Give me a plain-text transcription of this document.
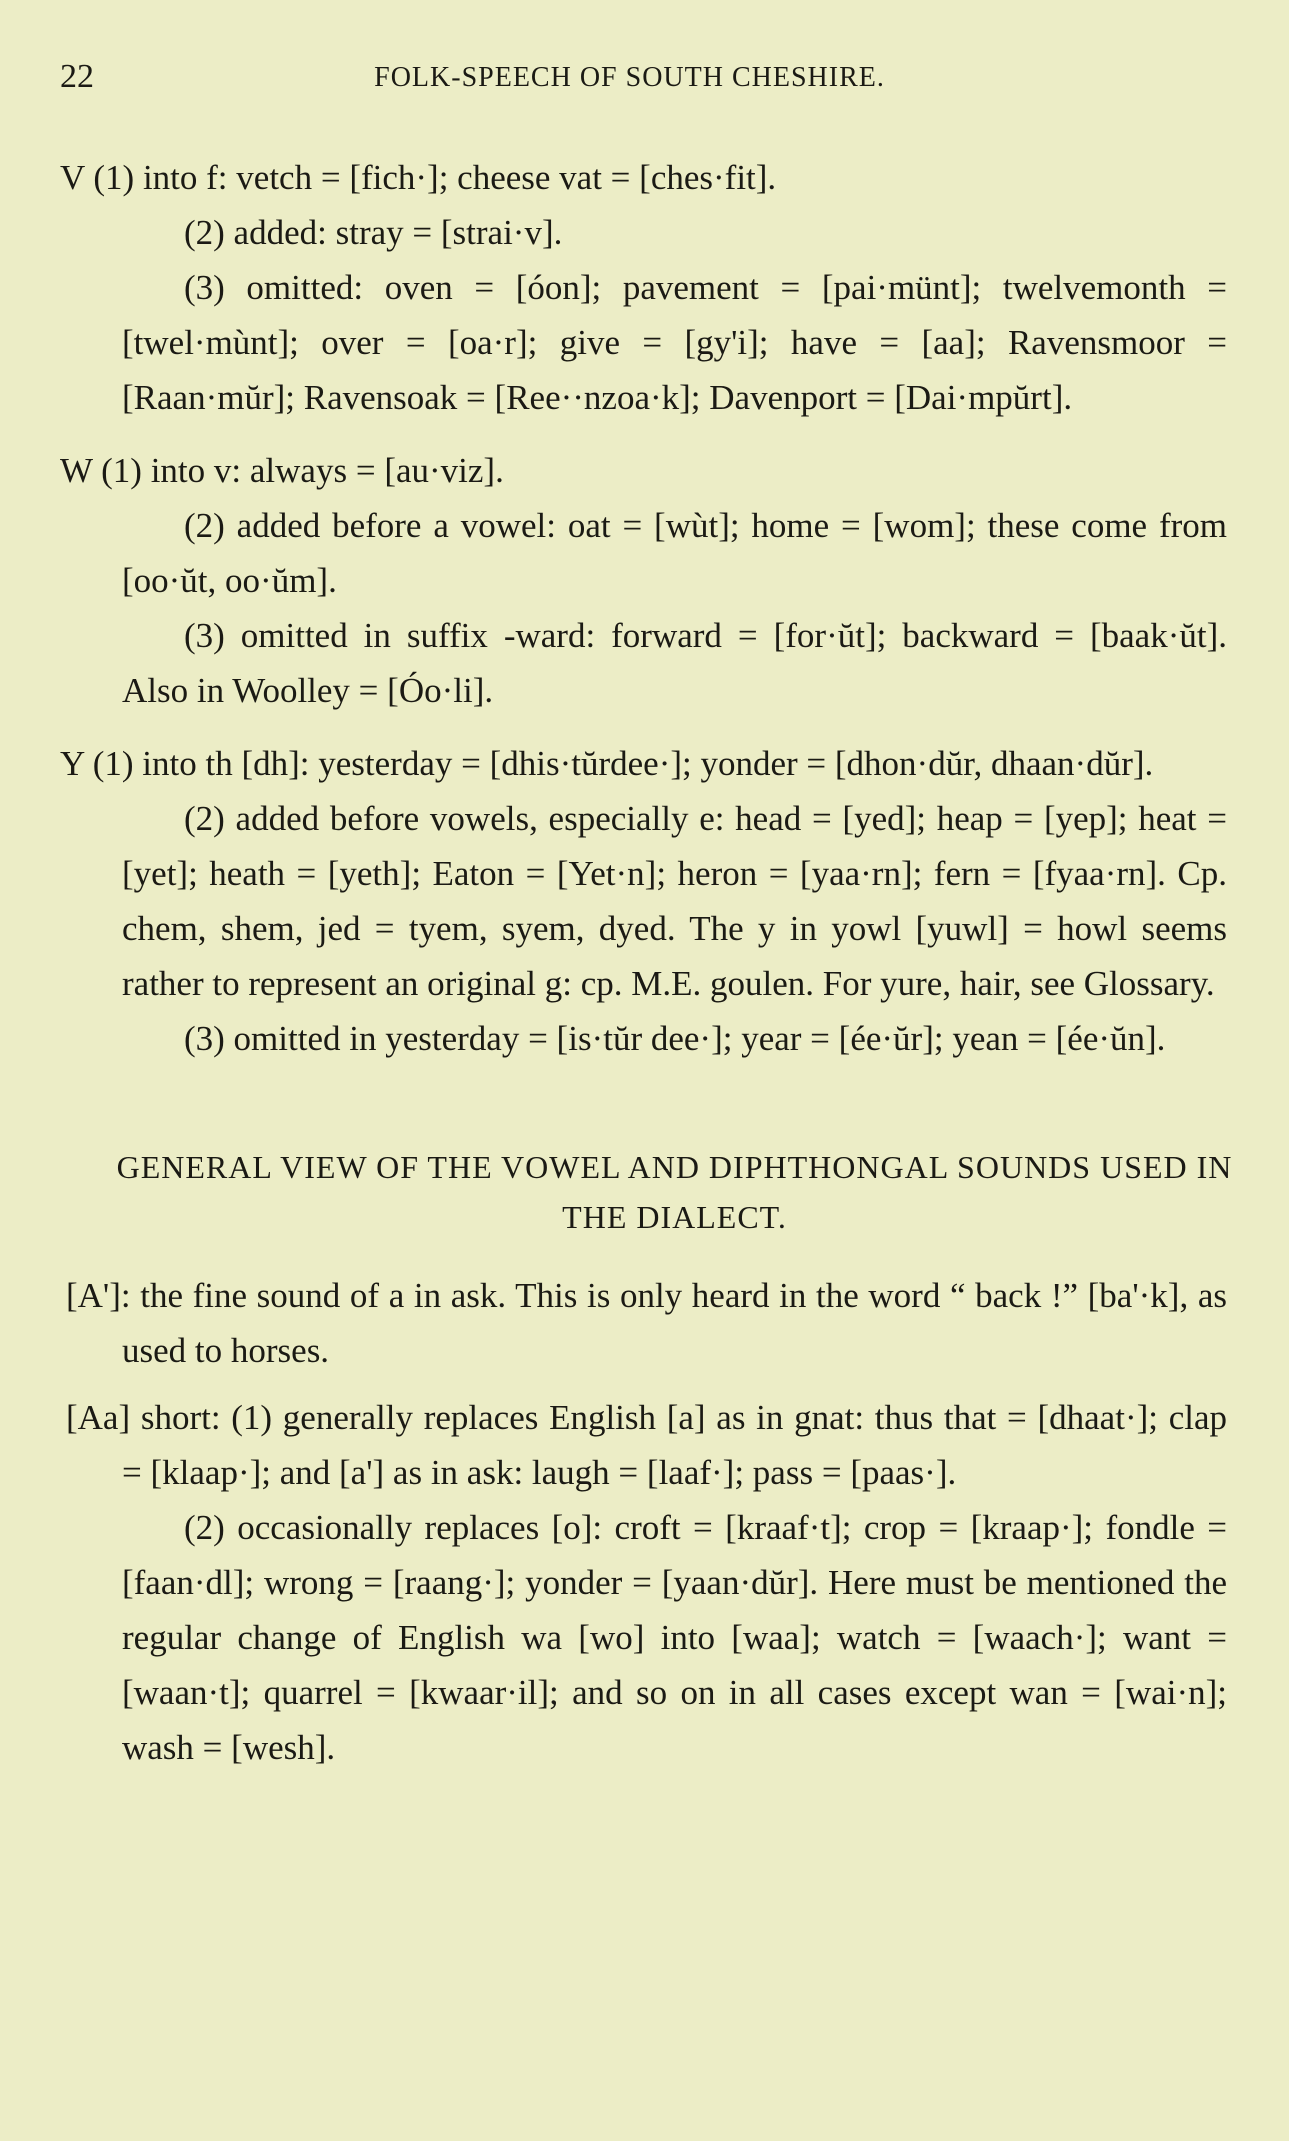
22	FOLK-SPEECH OF SOUTH CHESHIRE.

V (1) into f: vetch = [fich·]; cheese vat = [ches·fit].

(2) added: stray = [strai·v].

(3) omitted: oven = [óon]; pavement = [pai·münt]; twelvemonth = [twel·mùnt]; over = [oa·r]; give = [gy'i]; have = [aa]; Ravensmoor = [Raan·mŭr]; Ravensoak = [Ree··nzoa·k]; Davenport = [Dai·mpŭrt].

W (1) into v: always = [au·viz].

(2) added before a vowel: oat = [wùt]; home = [wom]; these come from [oo·ŭt, oo·ŭm].

(3) omitted in suffix -ward: forward = [for·ŭt]; backward = [baak·ŭt]. Also in Woolley = [Óo·li].

Y (1) into th [dh]: yesterday = [dhis·tŭrdee·]; yonder = [dhon·dŭr, dhaan·dŭr].

(2) added before vowels, especially e: head = [yed]; heap = [yep]; heat = [yet]; heath = [yeth]; Eaton = [Yet·n]; heron = [yaa·rn]; fern = [fyaa·rn]. Cp. chem, shem, jed = tyem, syem, dyed. The y in yowl [yuwl] = howl seems rather to represent an original g: cp. M.E. goulen. For yure, hair, see Glossary.

(3) omitted in yesterday = [is·tŭr dee·]; year = [ée·ŭr]; yean = [ée·ŭn].

GENERAL VIEW OF THE VOWEL AND DIPHTHONGAL SOUNDS USED IN THE DIALECT.

[A']: the fine sound of a in ask. This is only heard in the word “ back !” [ba'·k], as used to horses.

[Aa] short: (1) generally replaces English [a] as in gnat: thus that = [dhaat·]; clap = [klaap·]; and [a'] as in ask: laugh = [laaf·]; pass = [paas·].

(2) occasionally replaces [o]: croft = [kraaf·t]; crop = [kraap·]; fondle = [faan·dl]; wrong = [raang·]; yonder = [yaan·dŭr]. Here must be mentioned the regular change of English wa [wo] into [waa]; watch = [waach·]; want = [waan·t]; quarrel = [kwaar·il]; and so on in all cases except wan = [wai·n]; wash = [wesh].
